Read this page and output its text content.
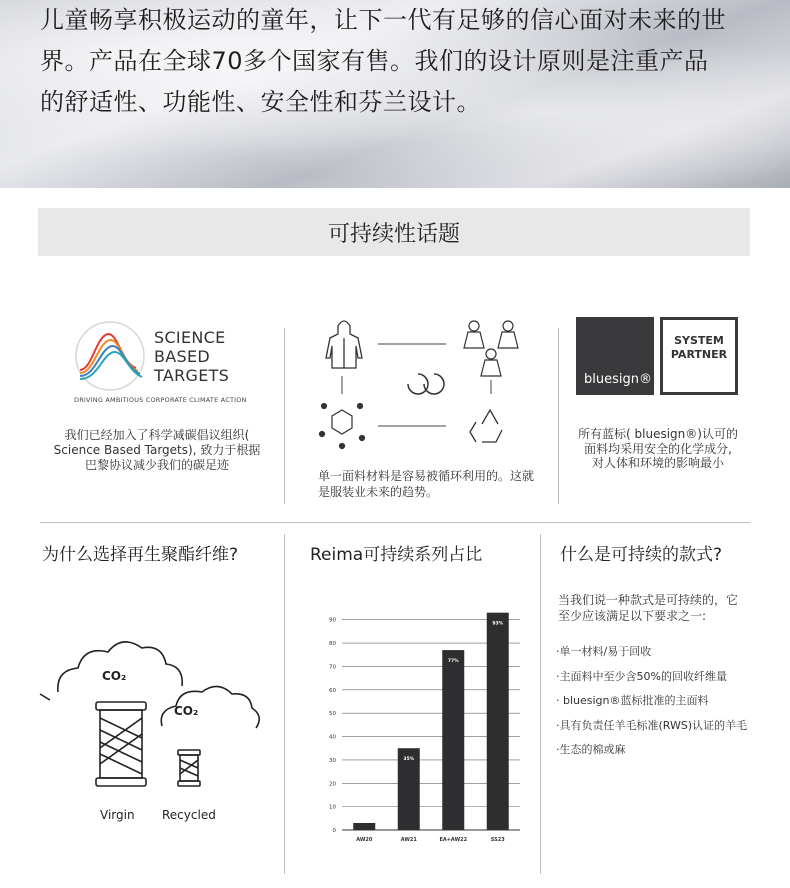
儿童畅享积极运动的童年，让下一代有足够的信心面对未来的世
界。产品在全球70多个国家有售。我们的设计原则是注重产品
的舒适性、功能性、安全性和芬兰设计。
可持续性话题
SCIENCE
BASED
TARGETS
DRIVING AMBITIOUS CORPORATE CLIMATE ACTION
我们已经加入了科学减碳倡议组织(
Science Based Targets), 致力于根据
巴黎协议减少我们的碳足迹
单一面料材料是容易被循环利用的。这就
是服装业未来的趋势。
bluesign®
SYSTEM
PARTNER
所有蓝标( bluesign®)认可的
面料均采用安全的化学成分,
对人体和环境的影响最小
为什么选择再生聚酯纤维?	Reima可持续系列占比	什么是可持续的款式?
CO₂
CO₂
Virgin Recycled
0
10
20
30
40
50
60
70
80
90
3%
AW20
35%
AW21
77%
EA+AW22
93%
SS23
当我们说一种款式是可持续的，它
至少应该满足以下要求之一:
·单一材料/易于回收
·主面料中至少含50%的回收纤维量
· bluesign®蓝标批准的主面料
·具有负责任羊毛标准(RWS)认证的羊毛
·生态的棉或麻
